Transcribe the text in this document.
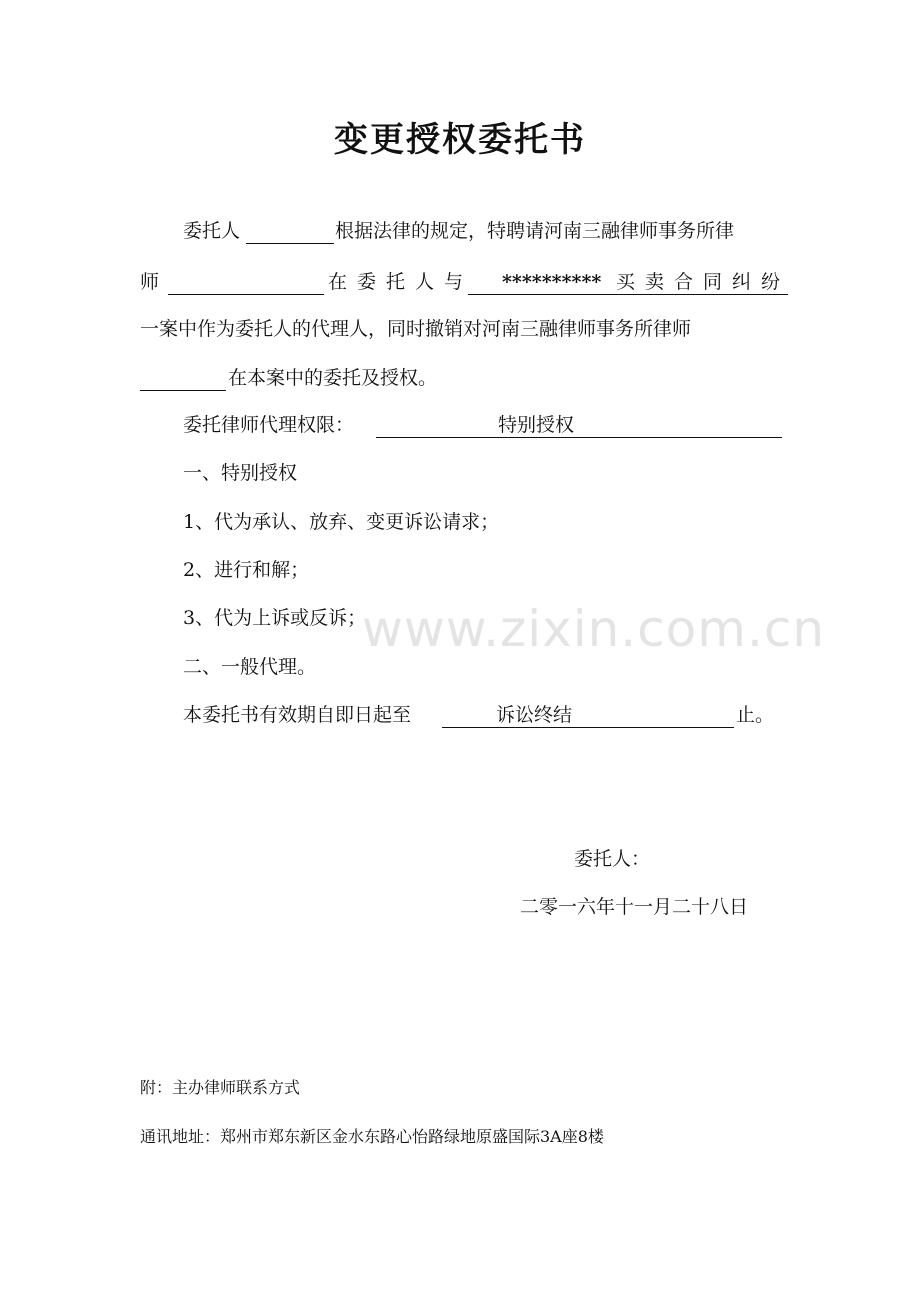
变更授权委托书
委托人	根据法律的规定，特聘请河南三融律师事务所律
师	在委托人与 ********** 买卖合同纠纷
一案中作为委托人的代理人，同时撤销对河南三融律师事务所律师
在本案中的委托及授权。
委托律师代理权限：	特别授权
一、特别授权
1、代为承认、放弃、变更诉讼请求；
2、进行和解；
3、代为上诉或反诉；
二、一般代理。
本委托书有效期自即日起至	诉讼终结	止。
委托人：
二零一六年十一月二十八日
附：主办律师联系方式
通讯地址：郑州市郑东新区金水东路心怡路绿地原盛国际3A座8楼
www.zixin.com.cn
